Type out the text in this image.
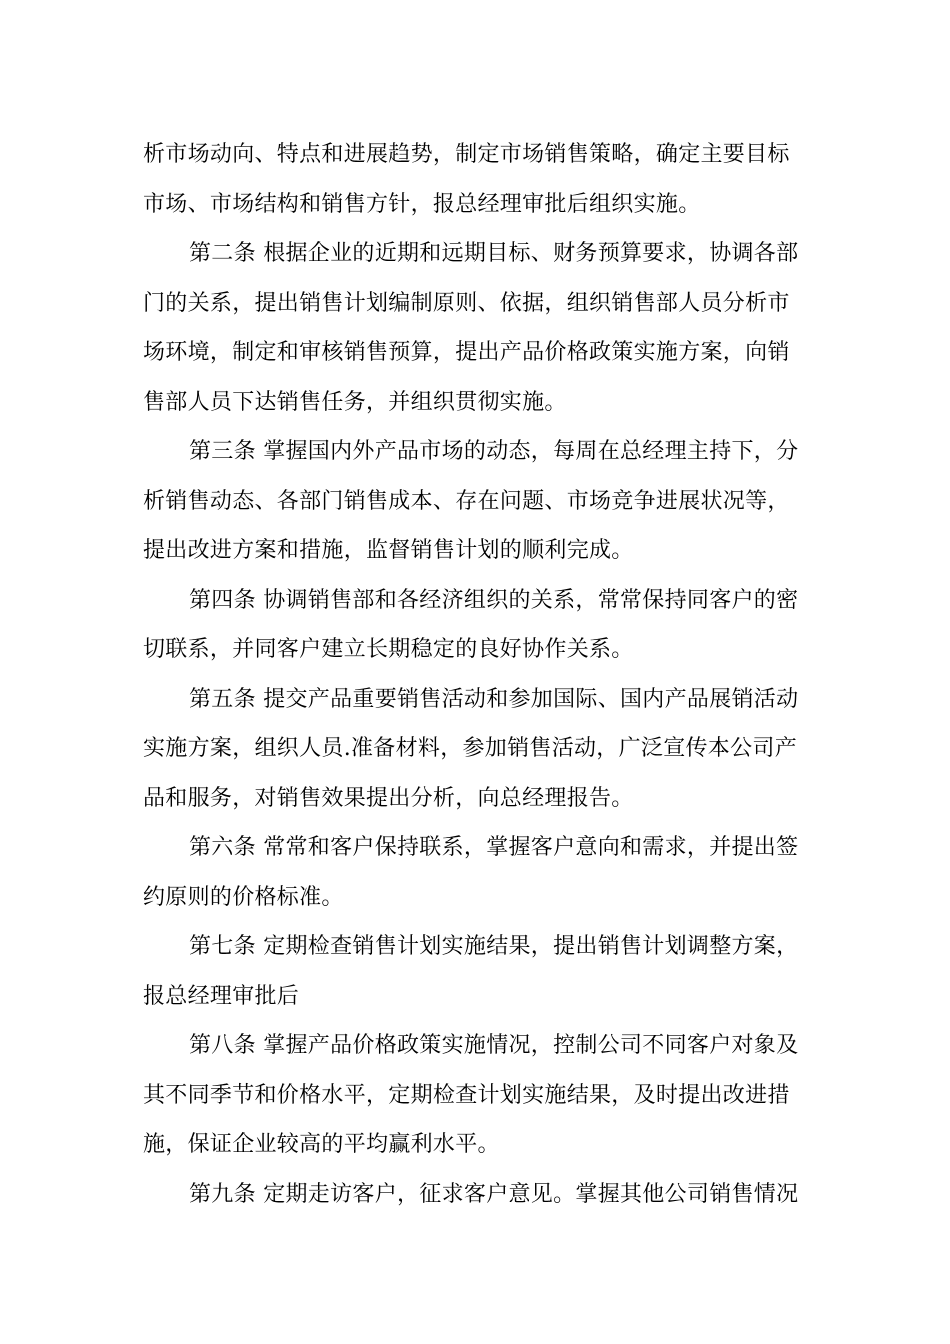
析市场动向、特点和进展趋势，制定市场销售策略，确定主要目标
市场、市场结构和销售方针，报总经理审批后组织实施。

第二条 根据企业的近期和远期目标、财务预算要求，协调各部
门的关系，提出销售计划编制原则、依据，组织销售部人员分析市
场环境，制定和审核销售预算，提出产品价格政策实施方案，向销
售部人员下达销售任务，并组织贯彻实施。

第三条 掌握国内外产品市场的动态，每周在总经理主持下，分
析销售动态、各部门销售成本、存在问题、市场竞争进展状况等，
提出改进方案和措施，监督销售计划的顺利完成。

第四条 协调销售部和各经济组织的关系，常常保持同客户的密
切联系，并同客户建立长期稳定的良好协作关系。

第五条 提交产品重要销售活动和参加国际、国内产品展销活动
实施方案，组织人员.准备材料，参加销售活动，广泛宣传本公司产
品和服务，对销售效果提出分析，向总经理报告。

第六条 常常和客户保持联系，掌握客户意向和需求，并提出签
约原则的价格标准。

第七条 定期检查销售计划实施结果，提出销售计划调整方案，
报总经理审批后

第八条 掌握产品价格政策实施情况，控制公司不同客户对象及
其不同季节和价格水平，定期检查计划实施结果，及时提出改进措
施，保证企业较高的平均赢利水平。

第九条 定期走访客户，征求客户意见。掌握其他公司销售情况
